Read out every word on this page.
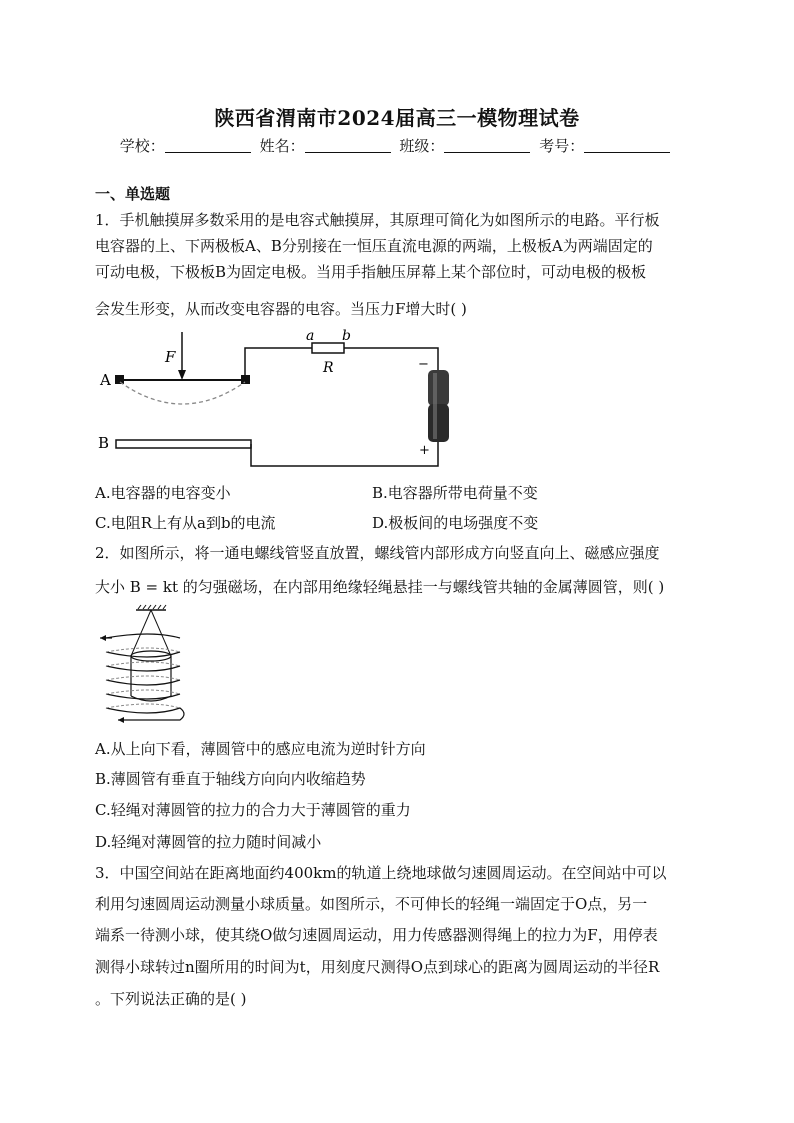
陕西省渭南市2024届高三一模物理试卷
学校：	姓名：	班级：	考号：
一、单选题
1．手机触摸屏多数采用的是电容式触摸屏，其原理可简化为如图所示的电路。平行板
电容器的上、下两极板A、B分别接在一恒压直流电源的两端，上极板A为两端固定的
可动电极，下极板B为固定电极。当用手指触压屏幕上某个部位时，可动电极的极板
会发生形变，从而改变电容器的电容。当压力F增大时( )
A
F
a b
R	−
+
B
A.电容器的电容变小	B.电容器所带电荷量不变
C.电阻R上有从a到b的电流	D.极板间的电场强度不变
2．如图所示，将一通电螺线管竖直放置，螺线管内部形成方向竖直向上、磁感应强度
大小 B = kt 的匀强磁场，在内部用绝缘轻绳悬挂一与螺线管共轴的金属薄圆管，则( )
A.从上向下看，薄圆管中的感应电流为逆时针方向
B.薄圆管有垂直于轴线方向向内收缩趋势
C.轻绳对薄圆管的拉力的合力大于薄圆管的重力
D.轻绳对薄圆管的拉力随时间减小
3．中国空间站在距离地面约400km的轨道上绕地球做匀速圆周运动。在空间站中可以
利用匀速圆周运动测量小球质量。如图所示，不可伸长的轻绳一端固定于O点，另一
端系一待测小球，使其绕O做匀速圆周运动，用力传感器测得绳上的拉力为F，用停表
测得小球转过n圈所用的时间为t，用刻度尺测得O点到球心的距离为圆周运动的半径R
。下列说法正确的是( )
